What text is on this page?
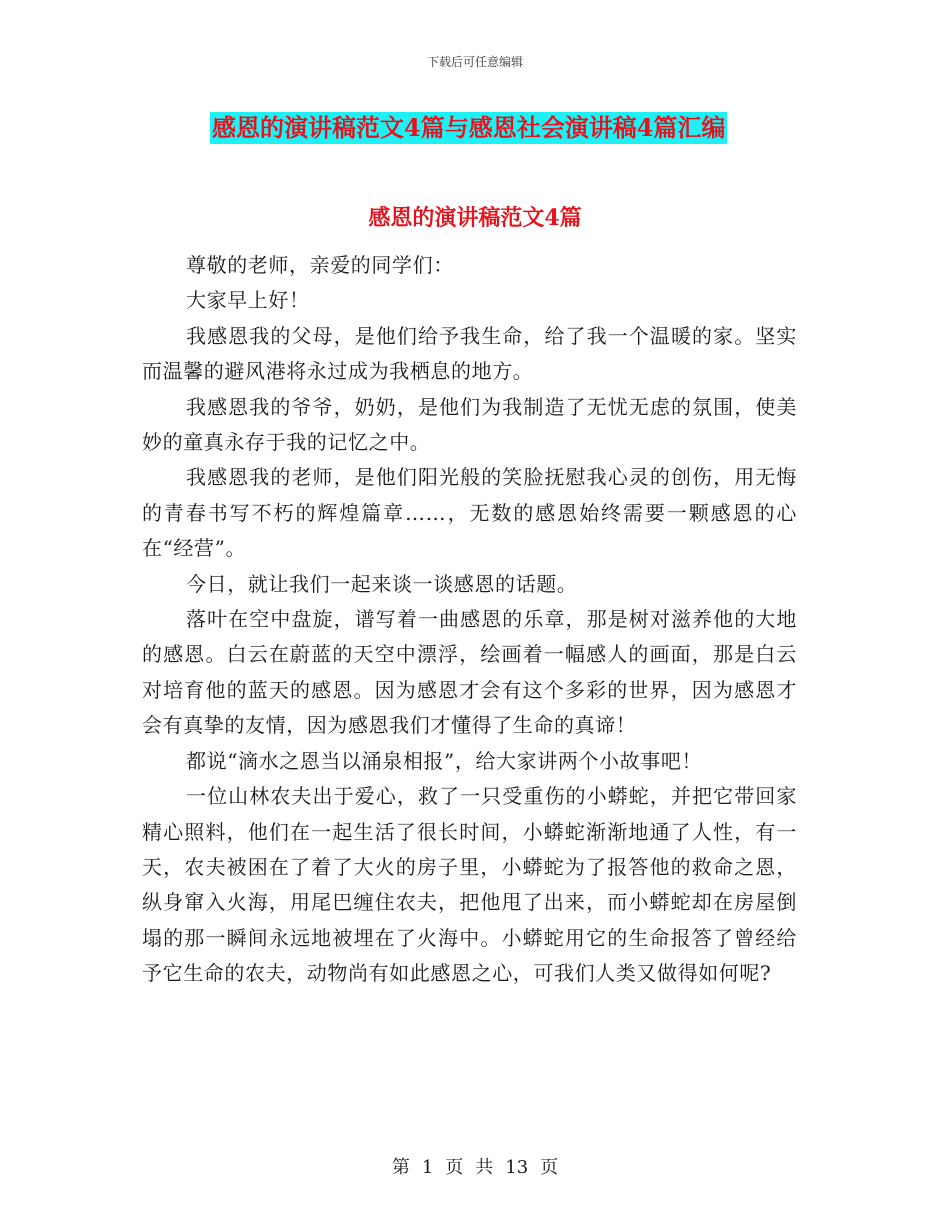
下载后可任意编辑
感恩的演讲稿范文4篇与感恩社会演讲稿4篇汇编
感恩的演讲稿范文4篇

尊敬的老师，亲爱的同学们：

大家早上好！

我感恩我的父母，是他们给予我生命，给了我一个温暖的家。坚实而温馨的避风港将永过成为我栖息的地方。

我感恩我的爷爷，奶奶，是他们为我制造了无忧无虑的氛围，使美妙的童真永存于我的记忆之中。

我感恩我的老师，是他们阳光般的笑脸抚慰我心灵的创伤，用无悔的青春书写不朽的辉煌篇章……，无数的感恩始终需要一颗感恩的心在“经营”。

今日，就让我们一起来谈一谈感恩的话题。

落叶在空中盘旋，谱写着一曲感恩的乐章，那是树对滋养他的大地的感恩。白云在蔚蓝的天空中漂浮，绘画着一幅感人的画面，那是白云对培育他的蓝天的感恩。因为感恩才会有这个多彩的世界，因为感恩才会有真挚的友情，因为感恩我们才懂得了生命的真谛！

都说“滴水之恩当以涌泉相报”，给大家讲两个小故事吧！

一位山林农夫出于爱心，救了一只受重伤的小蟒蛇，并把它带回家精心照料，他们在一起生活了很长时间，小蟒蛇渐渐地通了人性，有一天，农夫被困在了着了大火的房子里，小蟒蛇为了报答他的救命之恩，纵身窜入火海，用尾巴缠住农夫，把他甩了出来，而小蟒蛇却在房屋倒塌的那一瞬间永远地被埋在了火海中。小蟒蛇用它的生命报答了曾经给予它生命的农夫，动物尚有如此感恩之心，可我们人类又做得如何呢?

第 1 页 共 13 页
